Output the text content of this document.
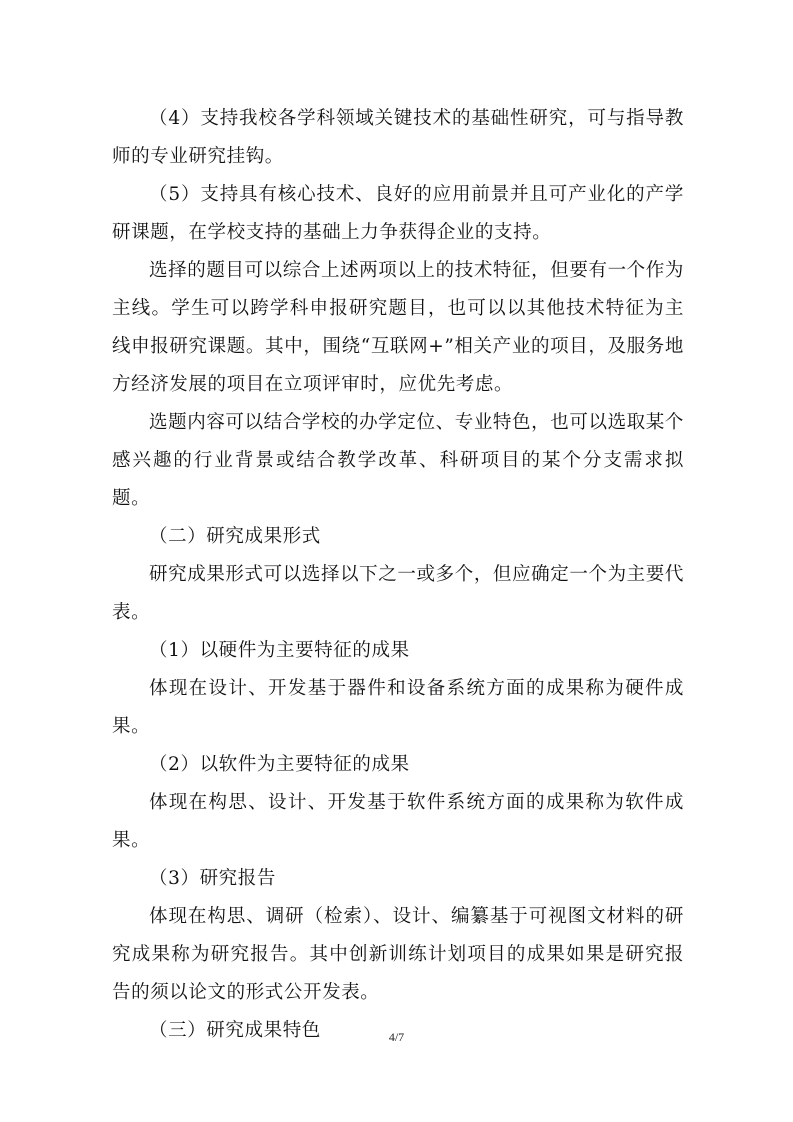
（4）支持我校各学科领域关键技术的基础性研究，可与指导教师的专业研究挂钩。

（5）支持具有核心技术、良好的应用前景并且可产业化的产学研课题，在学校支持的基础上力争获得企业的支持。

选择的题目可以综合上述两项以上的技术特征，但要有一个作为主线。学生可以跨学科申报研究题目，也可以以其他技术特征为主线申报研究课题。其中，围绕“互联网+”相关产业的项目，及服务地方经济发展的项目在立项评审时，应优先考虑。

选题内容可以结合学校的办学定位、专业特色，也可以选取某个感兴趣的行业背景或结合教学改革、科研项目的某个分支需求拟题。

（二）研究成果形式

研究成果形式可以选择以下之一或多个，但应确定一个为主要代表。

（1）以硬件为主要特征的成果

体现在设计、开发基于器件和设备系统方面的成果称为硬件成果。

（2）以软件为主要特征的成果

体现在构思、设计、开发基于软件系统方面的成果称为软件成果。

（3）研究报告

体现在构思、调研（检索）、设计、编纂基于可视图文材料的研究成果称为研究报告。其中创新训练计划项目的成果如果是研究报告的须以论文的形式公开发表。

（三）研究成果特色	4/7
